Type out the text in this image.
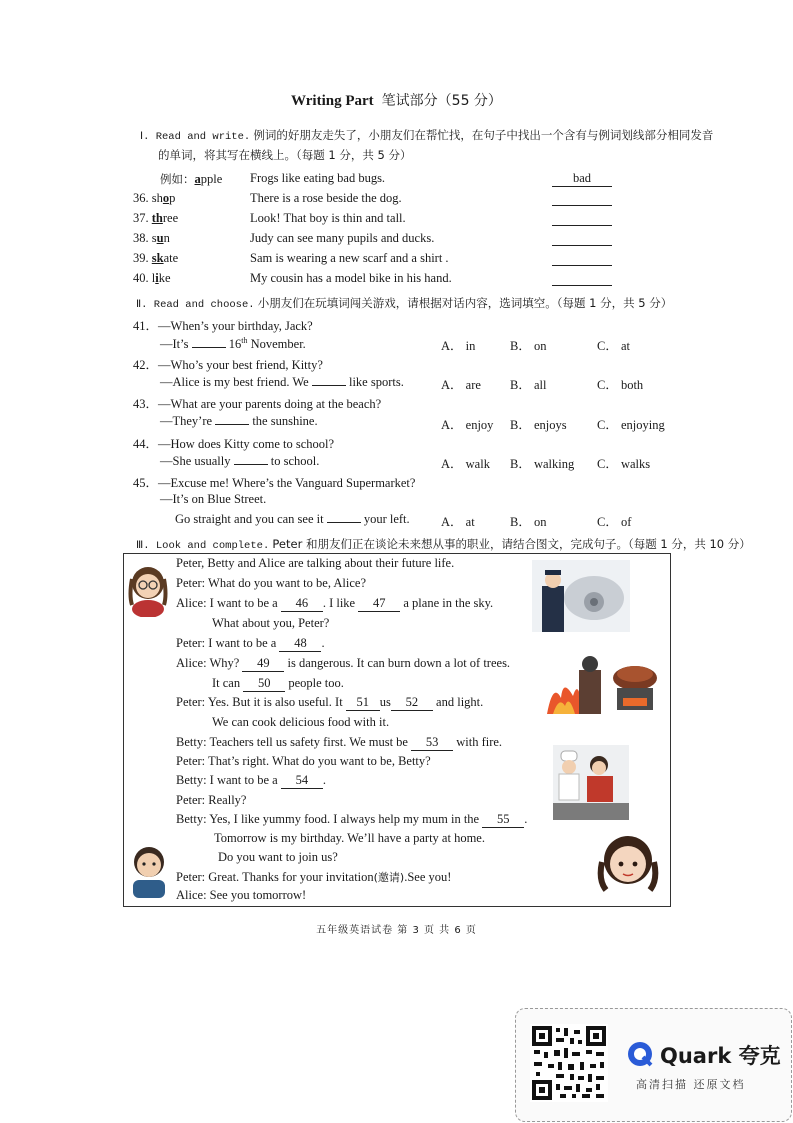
Writing Part 笔试部分（55 分）
Ⅰ. Read and write. 例词的好朋友走失了，小朋友们在帮忙找，在句子中找出一个含有与例词划线部分相同发音
的单词，将其写在横线上。（每题 1 分，共 5 分）
例如：apple Frogs like eating bad bugs.	bad
36. shop	There is a rose beside the dog.
37. three	Look! That boy is thin and tall.
38. sun	Judy can see many pupils and ducks.
39. skate	Sam is wearing a new scarf and a shirt .
40. like	My cousin has a model bike in his hand.
Ⅱ. Read and choose. 小朋友们在玩填词闯关游戏，请根据对话内容，选词填空。（每题 1 分，共 5 分）
41．—When’s your birthday, Jack?
—It’s	16th November.	A． in	B． on	C． at
42．—Who’s your best friend, Kitty?
—Alice is my best friend. We	like sports.	A． are B． all	C． both
43．—What are your parents doing at the beach?
—They’re	the sunshine.	A． enjoy B． enjoys C． enjoying
44．—How does Kitty come to school?
—She usually	to school.	A． walk B． walking C． walks
45．—Excuse me! Where’s the Vanguard Supermarket?
—It’s on Blue Street.
Go straight and you can see it	your left.	A． at	B． on	C． of
Ⅲ. Look and complete. Peter 和朋友们正在谈论未来想从事的职业，请结合图文，完成句子。（每题 1 分，共 10 分）
Peter, Betty and Alice are talking about their future life.
Peter: What do you want to be, Alice?
Alice: I want to be a 46 . I like 47 a plane in the sky.
What about you, Peter?
Peter: I want to be a 48 .
Alice: Why? 49 is dangerous. It can burn down a lot of trees.
It can 50 people too.
Peter: Yes. But it is also useful. It 51 us 52 and light.
We can cook delicious food with it.
Betty: Teachers tell us safety first. We must be 53 with fire.
Peter: That’s right. What do you want to be, Betty?
Betty: I want to be a 54 .
Peter: Really?
Betty: Yes, I like yummy food. I always help my mum in the 55 .
Tomorrow is my birthday. We’ll have a party at home.
Do you want to join us?
Peter: Great. Thanks for your invitation(邀请).See you!
Alice: See you tomorrow!
五年级英语试卷 第 3 页 共 6 页
Quark 夸克
高清扫描 还原文档
